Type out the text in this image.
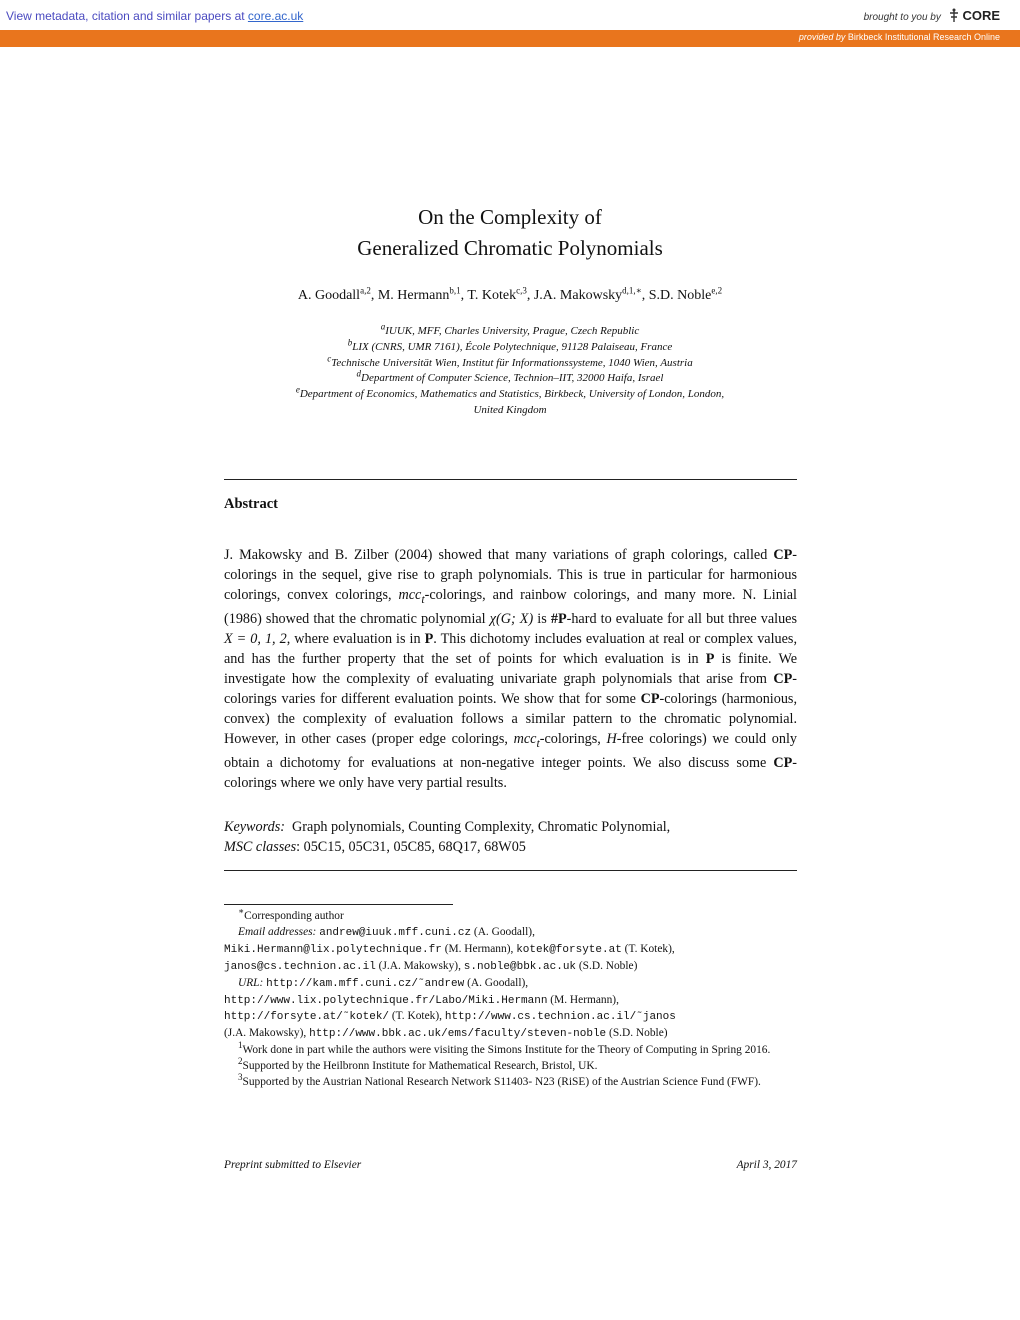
View metadata, citation and similar papers at core.ac.uk	brought to you by CORE
provided by Birkbeck Institutional Research Online
On the Complexity of
Generalized Chromatic Polynomials
A. Goodall$^{a,2}$, M. Hermann$^{b,1}$, T. Kotek$^{c,3}$, J.A. Makowsky$^{d,1,∗}$, S.D. Noble$^{e,2}$
$^a$IUUK, MFF, Charles University, Prague, Czech Republic
$^b$LIX (CNRS, UMR 7161), École Polytechnique, 91128 Palaiseau, France
$^c$Technische Universität Wien, Institut für Informationssysteme, 1040 Wien, Austria
$^d$Department of Computer Science, Technion–IIT, 32000 Haifa, Israel
$^e$Department of Economics, Mathematics and Statistics, Birkbeck, University of London, London,
United Kingdom
Abstract
J. Makowsky and B. Zilber (2004) showed that many variations of graph colorings, called CP-colorings in the sequel, give rise to graph polynomials. This is true in particular for harmonious colorings, convex colorings, mcc$_t$-colorings, and rainbow colorings, and many more. N. Linial (1986) showed that the chromatic polynomial χ(G; X) is #P-hard to evaluate for all but three values X = 0, 1, 2, where evaluation is in P. This dichotomy includes evaluation at real or complex values, and has the further property that the set of points for which evaluation is in P is finite. We investigate how the complexity of evaluating univariate graph polynomials that arise from CP-colorings varies for different evaluation points. We show that for some CP-colorings (harmonious, convex) the complexity of evaluation follows a similar pattern to the chromatic polynomial. However, in other cases (proper edge colorings, mcc$_t$-colorings, H-free colorings) we could only obtain a dichotomy for evaluations at non-negative integer points. We also discuss some CP-colorings where we only have very partial results.
Keywords: Graph polynomials, Counting Complexity, Chromatic Polynomial,
MSC classes: 05C15, 05C31, 05C85, 68Q17, 68W05
∗Corresponding author
Email addresses: andrew@iuuk.mff.cuni.cz (A. Goodall),
Miki.Hermann@lix.polytechnique.fr (M. Hermann), kotek@forsyte.at (T. Kotek),
janos@cs.technion.ac.il (J.A. Makowsky), s.noble@bbk.ac.uk (S.D. Noble)
URL: http://kam.mff.cuni.cz/˜andrew (A. Goodall),
http://www.lix.polytechnique.fr/Labo/Miki.Hermann (M. Hermann),
http://forsyte.at/˜kotek/ (T. Kotek), http://www.cs.technion.ac.il/˜janos
(J.A. Makowsky), http://www.bbk.ac.uk/ems/faculty/steven-noble (S.D. Noble)
$^1$Work done in part while the authors were visiting the Simons Institute for the Theory of Computing in Spring 2016.
$^2$Supported by the Heilbronn Institute for Mathematical Research, Bristol, UK.
$^3$Supported by the Austrian National Research Network S11403- N23 (RiSE) of the Austrian Science Fund (FWF).
Preprint submitted to Elsevier	April 3, 2017
